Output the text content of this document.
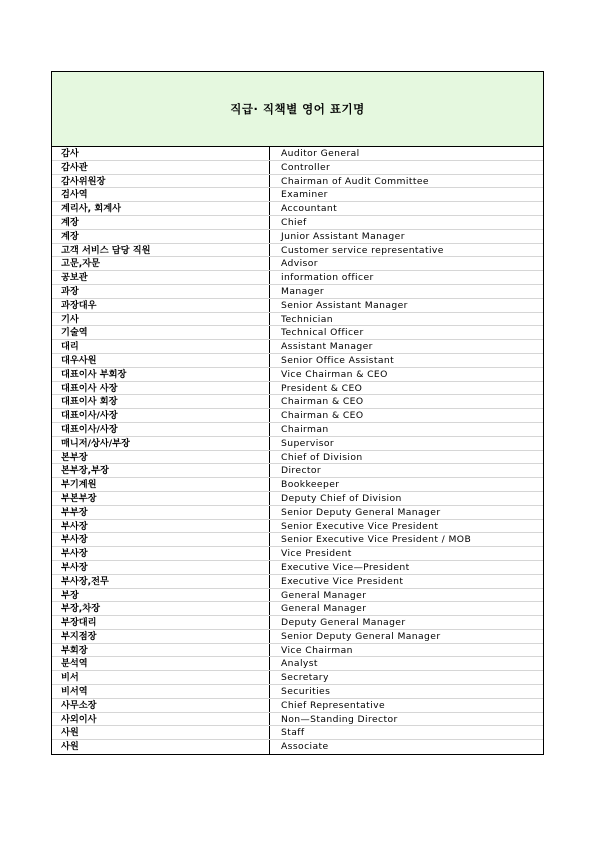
직급· 직책별 영어 표기명
감사	Auditor General
감사관	Controller
감사위원장	Chairman of Audit Committee
검사역	Examiner
계리사, 회계사	Accountant
계장	Chief
계장	Junior Assistant Manager
고객 서비스 담당 직원	Customer service representative
고문,자문	Advisor
공보관	information officer
과장	Manager
과장대우	Senior Assistant Manager
기사	Technician
기술역	Technical Officer
대리	Assistant Manager
대우사원	Senior Office Assistant
대표이사 부회장	Vice Chairman & CEO
대표이사 사장	President & CEO
대표이사 회장	Chairman & CEO
대표이사/사장	Chairman & CEO
대표이사/사장	Chairman
매니저/상사/부장	Supervisor
본부장	Chief of Division
본부장,부장	Director
부기계원	Bookkeeper
부본부장	Deputy Chief of Division
부부장	Senior Deputy General Manager
부사장	Senior Executive Vice President
부사장	Senior Executive Vice President / MOB
부사장	Vice President
부사장	Executive Vice—President
부사장,전무	Executive Vice President
부장	General Manager
부장,차장	General Manager
부장대리	Deputy General Manager
부지점장	Senior Deputy General Manager
부회장	Vice Chairman
분석역	Analyst
비서	Secretary
비서역	Securities
사무소장	Chief Representative
사외이사	Non—Standing Director
사원	Staff
사원	Associate
